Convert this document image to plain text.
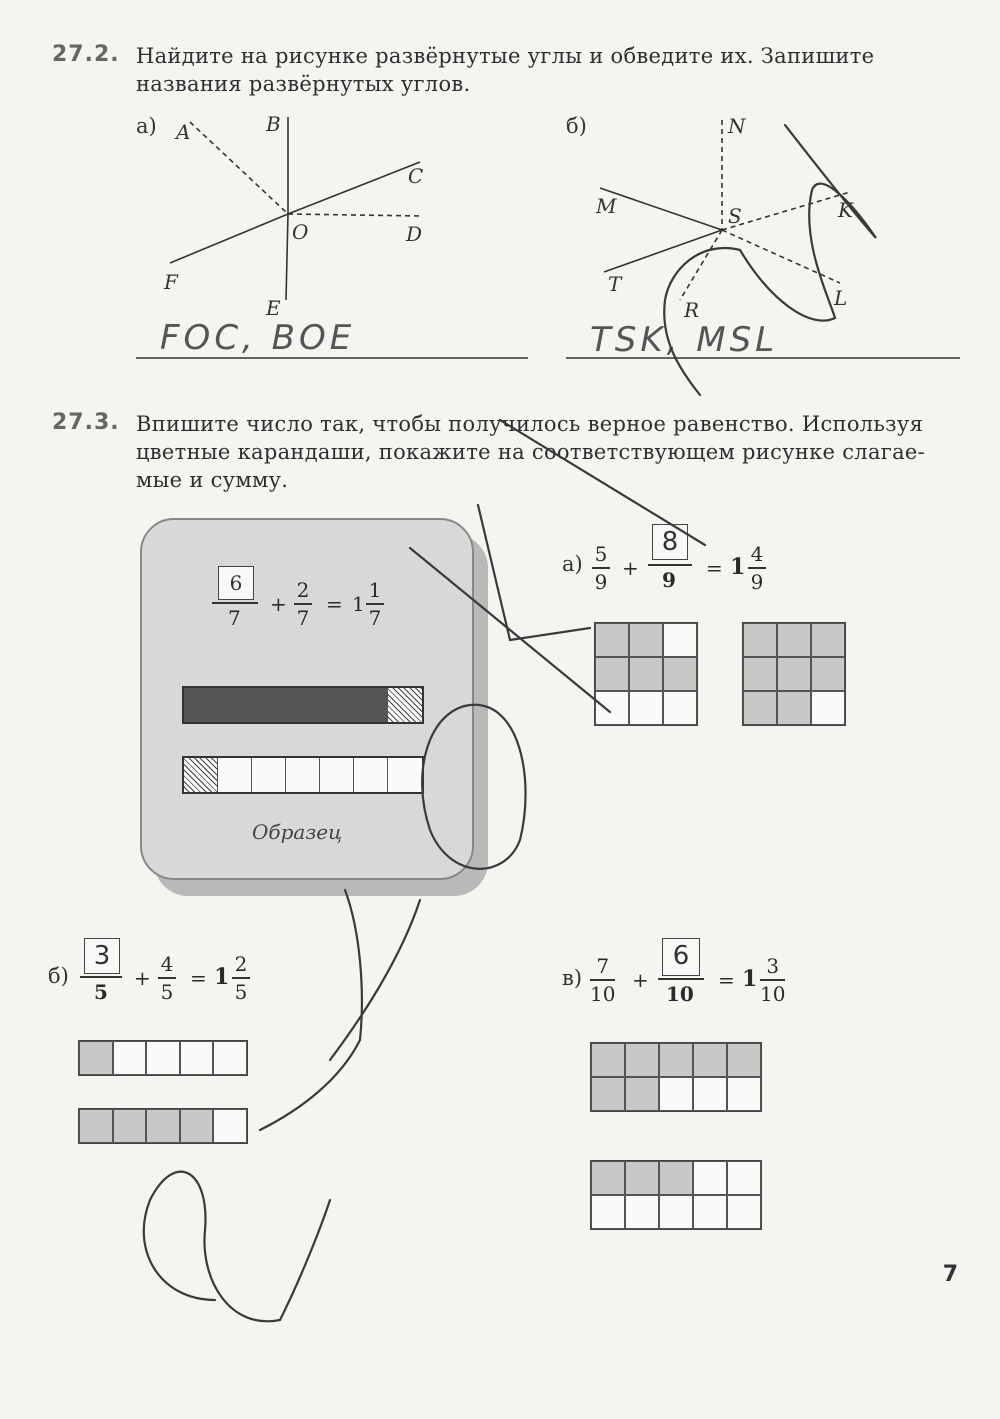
27.2. Найдите на рисунке развёрнутые углы и обведите их. Запишите
названия развёрнутых углов.
а) A	B
C
O	D
F
E
FOC, BOE
б)	N
M	S	K
T
R	L
TSK, MSL
27.3. Впишите число так, чтобы получилось верное равенство. Используя
цветные карандаши, покажите на соответствующем рисунке слагае-
мые и сумму.
6
7
+
2
7
= 1
1
7
Образец
а) 5
9
+
8
9 = 1 4
9
б)
3
5
+
4
5
= 1 2
5
в) 7
10
+
6
10
= 1 3
10
7
